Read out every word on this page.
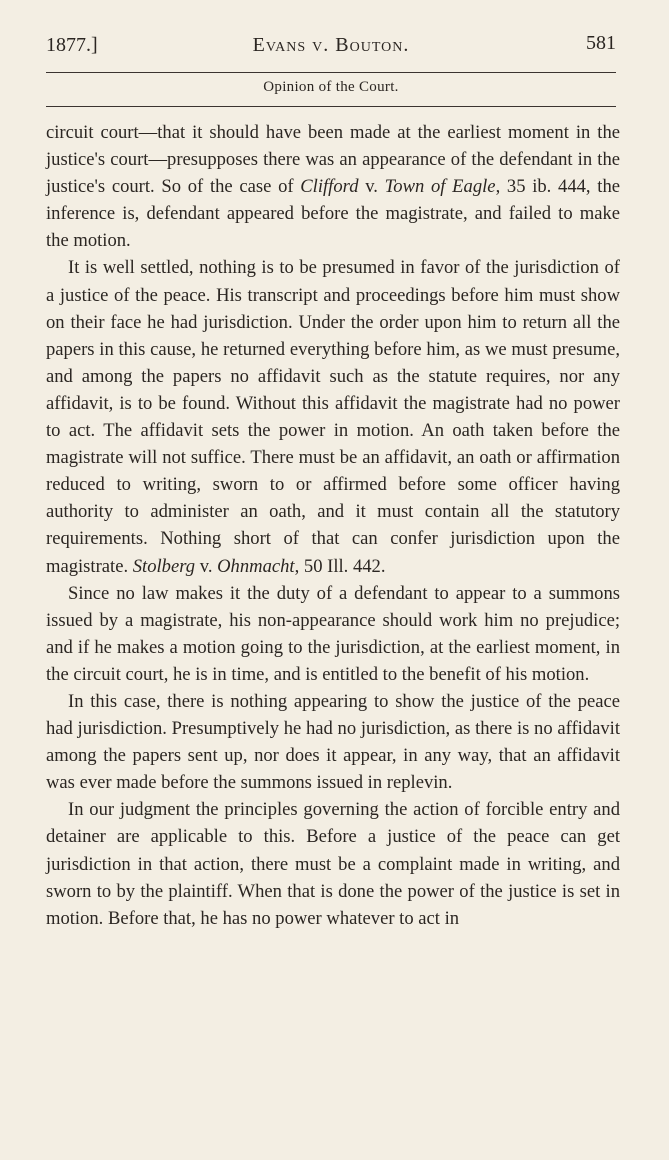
1877.]	Evans v. Bouton.	581
Opinion of the Court.

circuit court—that it should have been made at the earliest moment in the justice's court—presupposes there was an appearance of the defendant in the justice's court. So of the case of Clifford v. Town of Eagle, 35 ib. 444, the inference is, defendant appeared before the magistrate, and failed to make the motion.

It is well settled, nothing is to be presumed in favor of the jurisdiction of a justice of the peace. His transcript and proceedings before him must show on their face he had jurisdiction. Under the order upon him to return all the papers in this cause, he returned everything before him, as we must presume, and among the papers no affidavit such as the statute requires, nor any affidavit, is to be found. Without this affidavit the magistrate had no power to act. The affidavit sets the power in motion. An oath taken before the magistrate will not suffice. There must be an affidavit, an oath or affirmation reduced to writing, sworn to or affirmed before some officer having authority to administer an oath, and it must contain all the statutory requirements. Nothing short of that can confer jurisdiction upon the magistrate. Stolberg v. Ohnmacht, 50 Ill. 442.

Since no law makes it the duty of a defendant to appear to a summons issued by a magistrate, his non-appearance should work him no prejudice; and if he makes a motion going to the jurisdiction, at the earliest moment, in the circuit court, he is in time, and is entitled to the benefit of his motion.

In this case, there is nothing appearing to show the justice of the peace had jurisdiction. Presumptively he had no jurisdiction, as there is no affidavit among the papers sent up, nor does it appear, in any way, that an affidavit was ever made before the summons issued in replevin.

In our judgment the principles governing the action of forcible entry and detainer are applicable to this. Before a justice of the peace can get jurisdiction in that action, there must be a complaint made in writing, and sworn to by the plaintiff. When that is done the power of the justice is set in motion. Before that, he has no power whatever to act in
